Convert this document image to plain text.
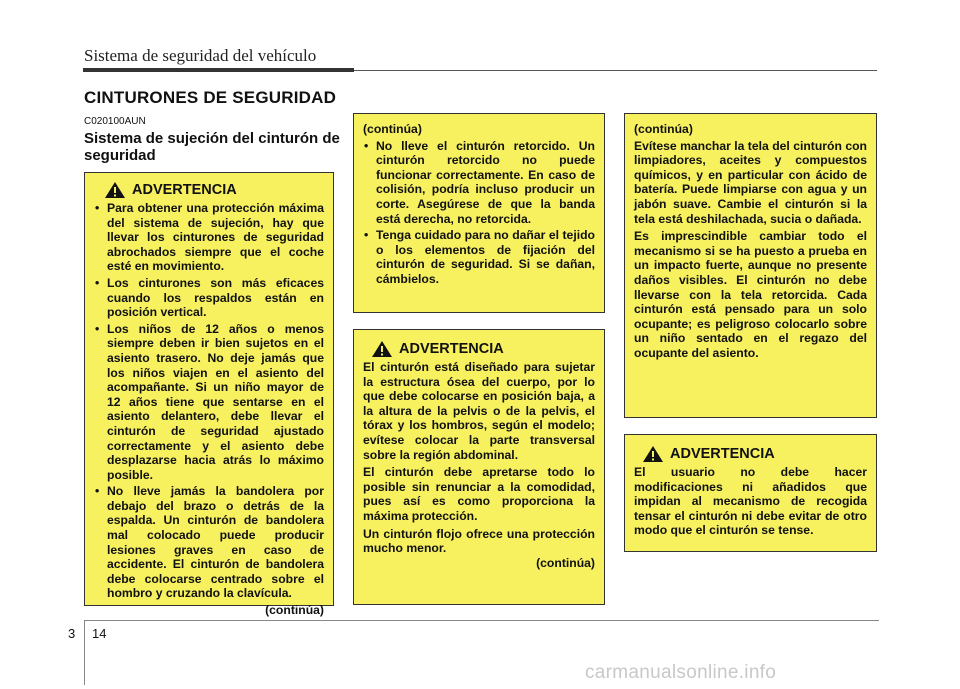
Sistema de seguridad del vehículo
CINTURONES DE SEGURIDAD
C020100AUN
Sistema de sujeción del cinturón de seguridad
ADVERTENCIA
• Para obtener una protección máxima del sistema de sujeción, hay que llevar los cinturones de seguridad abrochados siempre que el coche esté en movimiento.
• Los cinturones son más eficaces cuando los respaldos están en posición vertical.
• Los niños de 12 años o menos siempre deben ir bien sujetos en el asiento trasero. No deje jamás que los niños viajen en el asiento del acompañante. Si un niño mayor de 12 años tiene que sentarse en el asiento delantero, debe llevar el cinturón de seguridad ajustado correctamente y el asiento debe desplazarse hacia atrás lo máximo posible.
• No lleve jamás la bandolera por debajo del brazo o detrás de la espalda. Un cinturón de bandolera mal colocado puede producir lesiones graves en caso de accidente. El cinturón de bandolera debe colocarse centrado sobre el hombro y cruzando la clavícula.
(continúa)
(continúa)
• No lleve el cinturón retorcido. Un cinturón retorcido no puede funcionar correctamente. En caso de colisión, podría incluso producir un corte. Asegúrese de que la banda está derecha, no retorcida.
• Tenga cuidado para no dañar el tejido o los elementos de fijación del cinturón de seguridad. Si se dañan, cámbielos.
ADVERTENCIA

El cinturón está diseñado para sujetar la estructura ósea del cuerpo, por lo que debe colocarse en posición baja, a la altura de la pelvis o de la pelvis, el tórax y los hombros, según el modelo; evítese colocar la parte transversal sobre la región abdominal.

El cinturón debe apretarse todo lo posible sin renunciar a la comodidad, pues así es como proporciona la máxima protección.

Un cinturón flojo ofrece una protección mucho menor.

(continúa)
(continúa)

Evítese manchar la tela del cinturón con limpiadores, aceites y compuestos químicos, y en particular con ácido de batería. Puede limpiarse con agua y un jabón suave. Cambie el cinturón si la tela está deshilachada, sucia o dañada.

Es imprescindible cambiar todo el mecanismo si se ha puesto a prueba en un impacto fuerte, aunque no presente daños visibles. El cinturón no debe llevarse con la tela retorcida. Cada cinturón está pensado para un solo ocupante; es peligroso colocarlo sobre un niño sentado en el regazo del ocupante del asiento.

ADVERTENCIA

El usuario no debe hacer modificaciones ni añadidos que impidan al mecanismo de recogida tensar el cinturón ni debe evitar de otro modo que el cinturón se tense.

3 14
carmanualsonline.info
